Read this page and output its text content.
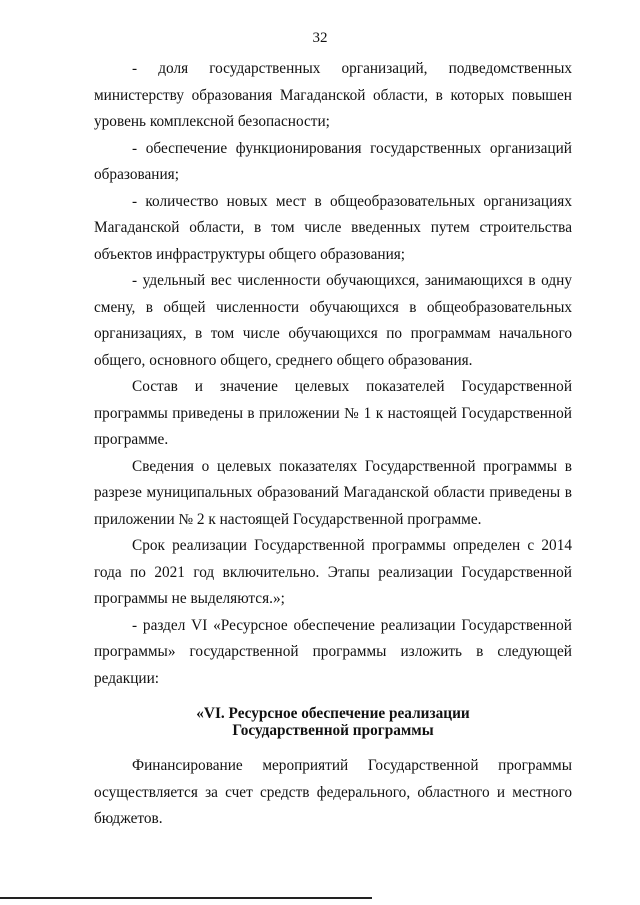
32

- доля государственных организаций, подведомственных министерству образования Магаданской области, в которых повышен уровень комплексной безопасности;

- обеспечение функционирования государственных организаций образования;

- количество новых мест в общеобразовательных организациях Магаданской области, в том числе введенных путем строительства объектов инфраструктуры общего образования;

- удельный вес численности обучающихся, занимающихся в одну смену, в общей численности обучающихся в общеобразовательных организациях, в том числе обучающихся по программам начального общего, основного общего, среднего общего образования.

Состав и значение целевых показателей Государственной программы приведены в приложении № 1 к настоящей Государственной программе.

Сведения о целевых показателях Государственной программы в разрезе муниципальных образований Магаданской области приведены в приложении № 2 к настоящей Государственной программе.

Срок реализации Государственной программы определен с 2014 года по 2021 год включительно. Этапы реализации Государственной программы не выделяются.»;

- раздел VI «Ресурсное обеспечение реализации Государственной программы» государственной программы изложить в следующей редакции:

«VI. Ресурсное обеспечение реализации
Государственной программы

Финансирование мероприятий Государственной программы осуществляется за счет средств федерального, областного и местного бюджетов.
